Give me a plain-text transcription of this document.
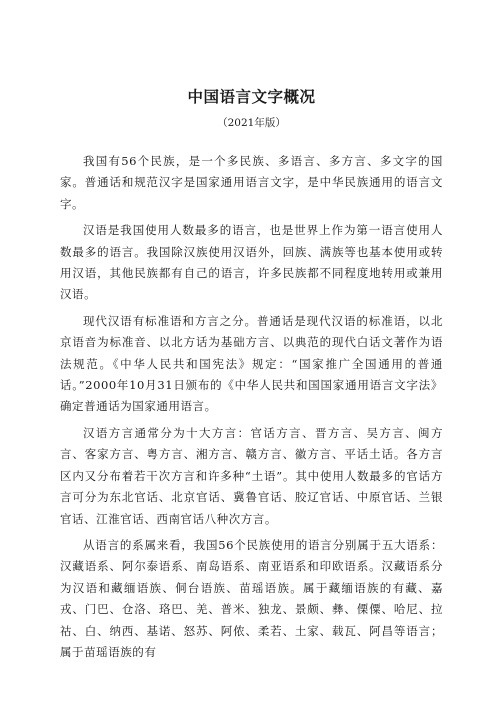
中国语言文字概况
（2021年版）

我国有56个民族，是一个多民族、多语言、多方言、多文字的国家。普通话和规范汉字是国家通用语言文字，是中华民族通用的语言文字。

汉语是我国使用人数最多的语言，也是世界上作为第一语言使用人数最多的语言。我国除汉族使用汉语外，回族、满族等也基本使用或转用汉语，其他民族都有自己的语言，许多民族都不同程度地转用或兼用汉语。

现代汉语有标准语和方言之分。普通话是现代汉语的标准语，以北京语音为标准音、以北方话为基础方言、以典范的现代白话文著作为语法规范。《中华人民共和国宪法》规定：“国家推广全国通用的普通话。”2000年10月31日颁布的《中华人民共和国国家通用语言文字法》确定普通话为国家通用语言。

汉语方言通常分为十大方言：官话方言、晋方言、吴方言、闽方言、客家方言、粤方言、湘方言、赣方言、徽方言、平话土话。各方言区内又分布着若干次方言和许多种“土语”。其中使用人数最多的官话方言可分为东北官话、北京官话、冀鲁官话、胶辽官话、中原官话、兰银官话、江淮官话、西南官话八种次方言。

从语言的系属来看，我国56个民族使用的语言分别属于五大语系：汉藏语系、阿尔泰语系、南岛语系、南亚语系和印欧语系。汉藏语系分为汉语和藏缅语族、侗台语族、苗瑶语族。属于藏缅语族的有藏、嘉戎、门巴、仓洛、珞巴、羌、普米、独龙、景颇、彝、傈僳、哈尼、拉祜、白、纳西、基诺、怒苏、阿侬、柔若、土家、载瓦、阿昌等语言；属于苗瑶语族的有
